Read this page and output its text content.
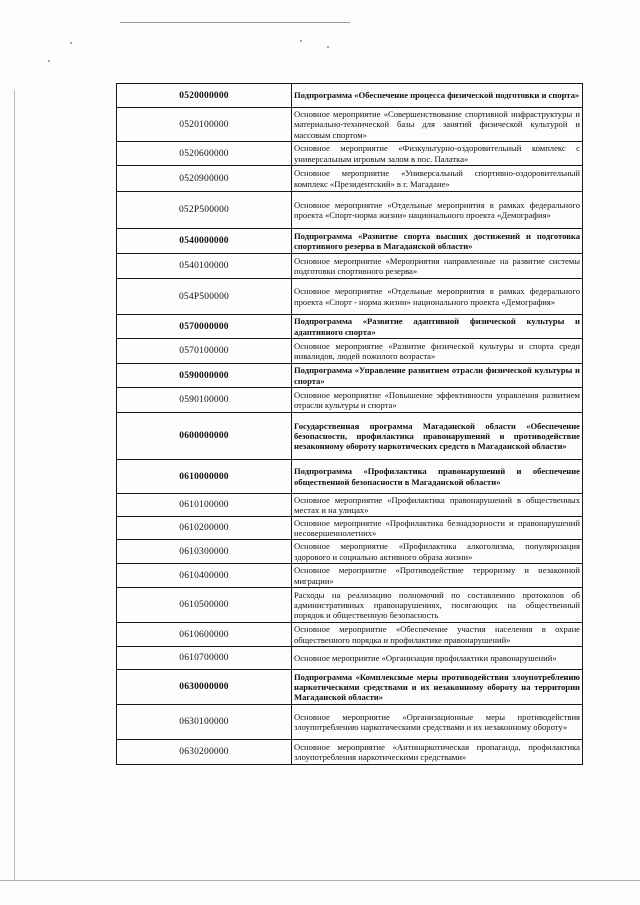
0520000000	Подпрограмма «Обеспечение процесса физической подготовки и спорта»
0520100000	Основное мероприятие «Совершенствование спортивной инфраструктуры и материально-технической базы для занятий физической культурой и массовым спортом»
0520600000	Основное мероприятие «Физкультурно-оздоровительный комплекс с универсальным игровым залом в пос. Палатка»
0520900000	Основное мероприятие «Универсальный спортивно-оздоровительный комплекс «Президентский» в г. Магадане»
052P500000	Основное мероприятие «Отдельные мероприятия в рамках федерального проекта «Спорт-норма жизни» национального проекта «Демография»
0540000000	Подпрограмма «Развитие спорта высших достижений и подготовка спортивного резерва в Магаданской области»
0540100000	Основное мероприятие «Мероприятия направленные на развитие системы подготовки спортивного резерва»
054P500000	Основное мероприятие «Отдельные мероприятия в рамках федерального проекта «Спорт - норма жизни» национального проекта «Демография»
0570000000	Подпрограмма «Развитие адаптивной физической культуры и адаптивного спорта»
0570100000	Основное мероприятие «Развитие физической культуры и спорта среди инвалидов, людей пожилого возраста»
0590000000	Подпрограмма «Управление развитием отрасли физической культуры и спорта»
0590100000	Основное мероприятие «Повышение эффективности управления развитием отрасли культуры и спорта»
0600000000	Государственная программа Магаданской области «Обеспечение безопасности, профилактика правонарушений и противодействие незаконному обороту наркотических средств в Магаданской области»
0610000000	Подпрограмма «Профилактика правонарушений и обеспечение общественной безопасности в Магаданской области»
0610100000	Основное мероприятие «Профилактика правонарушений в общественных местах и на улицах»
0610200000	Основное мероприятие «Профилактика безнадзорности и правонарушений несовершеннолетних»
0610300000	Основное мероприятие «Профилактика алкоголизма, популяризация здорового и социально активного образа жизни»
0610400000	Основное мероприятие «Противодействие терроризму и незаконной миграции»
0610500000	Расходы на реализацию полномочий по составлению протоколов об административных правонарушениях, посягающих на общественный порядок и общественную безопасность
0610600000	Основное мероприятие «Обеспечение участия населения в охране общественного порядка и профилактике правонарушений»
0610700000	Основное мероприятие «Организация профилактики правонарушений»
0630000000	Подпрограмма «Комплексные меры противодействия злоупотреблению наркотическими средствами и их незаконному обороту на территории Магаданской области»
0630100000	Основное мероприятие «Организационные меры противодействия злоупотреблению наркотическими средствами и их незаконному обороту»
0630200000	Основное мероприятие «Антинаркотическая пропаганда, профилактика злоупотребления наркотическими средствами»
